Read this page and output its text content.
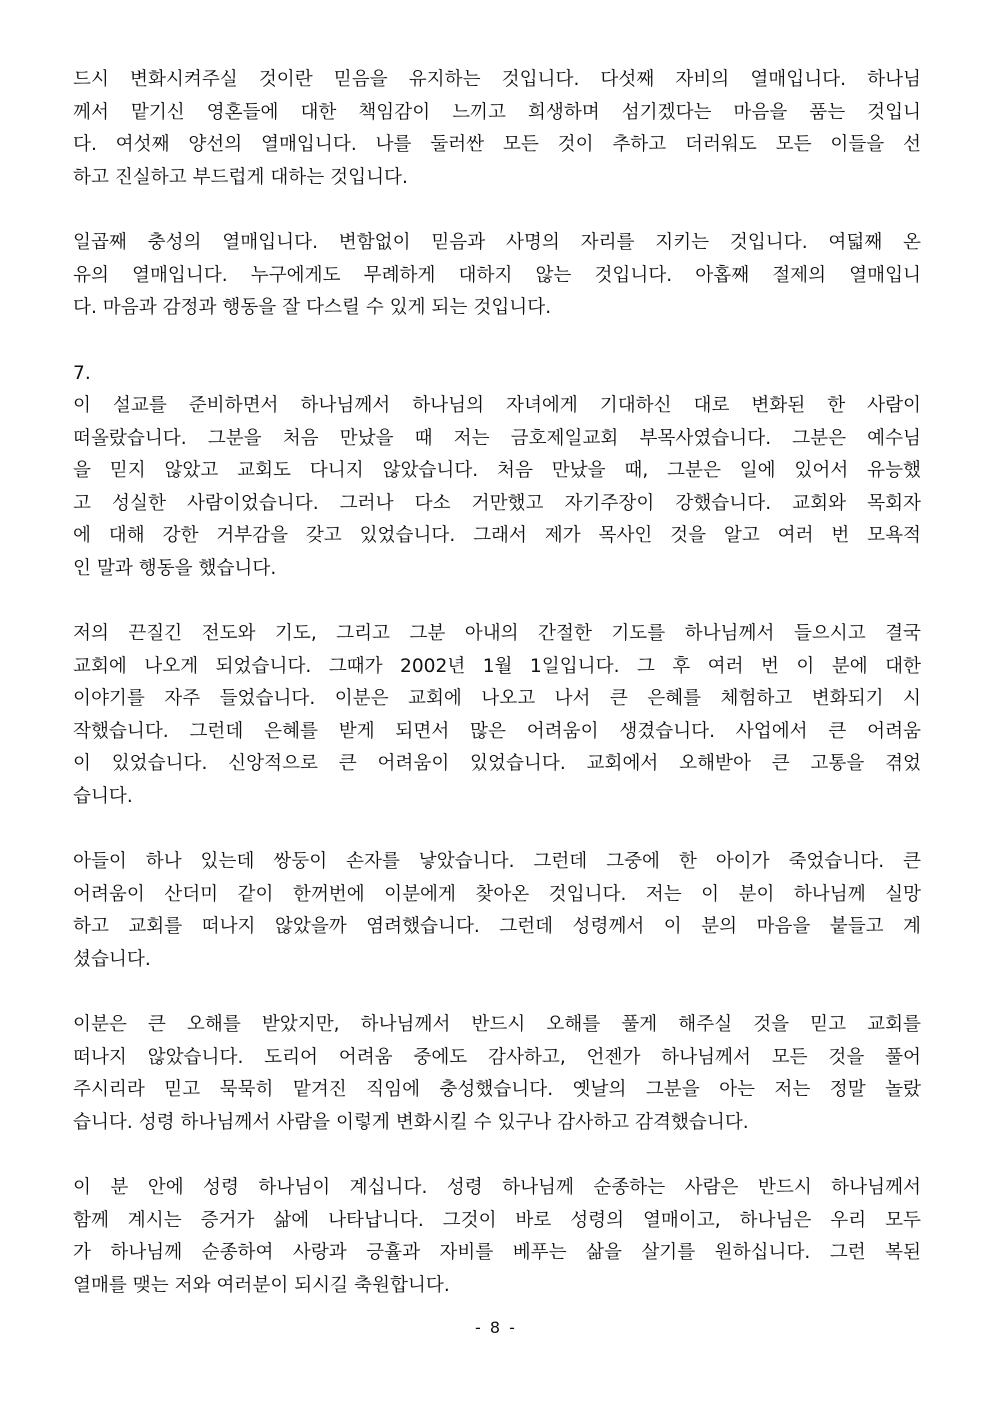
드시 변화시켜주실 것이란 믿음을 유지하는 것입니다. 다섯째 자비의 열매입니다. 하나님
께서 맡기신 영혼들에 대한 책임감이 느끼고 희생하며 섬기겠다는 마음을 품는 것입니
다. 여섯째 양선의 열매입니다. 나를 둘러싼 모든 것이 추하고 더러워도 모든 이들을 선
하고 진실하고 부드럽게 대하는 것입니다.
일곱째 충성의 열매입니다. 변함없이 믿음과 사명의 자리를 지키는 것입니다. 여덟째 온
유의 열매입니다. 누구에게도 무례하게 대하지 않는 것입니다. 아홉째 절제의 열매입니
다. 마음과 감정과 행동을 잘 다스릴 수 있게 되는 것입니다.
7.
이 설교를 준비하면서 하나님께서 하나님의 자녀에게 기대하신 대로 변화된 한 사람이
떠올랐습니다. 그분을 처음 만났을 때 저는 금호제일교회 부목사였습니다. 그분은 예수님
을 믿지 않았고 교회도 다니지 않았습니다. 처음 만났을 때, 그분은 일에 있어서 유능했
고 성실한 사람이었습니다. 그러나 다소 거만했고 자기주장이 강했습니다. 교회와 목회자
에 대해 강한 거부감을 갖고 있었습니다. 그래서 제가 목사인 것을 알고 여러 번 모욕적
인 말과 행동을 했습니다.
저의 끈질긴 전도와 기도, 그리고 그분 아내의 간절한 기도를 하나님께서 들으시고 결국
교회에 나오게 되었습니다. 그때가 2002년 1월 1일입니다. 그 후 여러 번 이 분에 대한
이야기를 자주 들었습니다. 이분은 교회에 나오고 나서 큰 은혜를 체험하고 변화되기 시
작했습니다. 그런데 은혜를 받게 되면서 많은 어려움이 생겼습니다. 사업에서 큰 어려움
이 있었습니다. 신앙적으로 큰 어려움이 있었습니다. 교회에서 오해받아 큰 고통을 겪었
습니다.
아들이 하나 있는데 쌍둥이 손자를 낳았습니다. 그런데 그중에 한 아이가 죽었습니다. 큰
어려움이 산더미 같이 한꺼번에 이분에게 찾아온 것입니다. 저는 이 분이 하나님께 실망
하고 교회를 떠나지 않았을까 염려했습니다. 그런데 성령께서 이 분의 마음을 붙들고 계
셨습니다.
이분은 큰 오해를 받았지만, 하나님께서 반드시 오해를 풀게 해주실 것을 믿고 교회를
떠나지 않았습니다. 도리어 어려움 중에도 감사하고, 언젠가 하나님께서 모든 것을 풀어
주시리라 믿고 묵묵히 맡겨진 직임에 충성했습니다. 옛날의 그분을 아는 저는 정말 놀랐
습니다. 성령 하나님께서 사람을 이렇게 변화시킬 수 있구나 감사하고 감격했습니다.
이 분 안에 성령 하나님이 계십니다. 성령 하나님께 순종하는 사람은 반드시 하나님께서
함께 계시는 증거가 삶에 나타납니다. 그것이 바로 성령의 열매이고, 하나님은 우리 모두
가 하나님께 순종하여 사랑과 긍휼과 자비를 베푸는 삶을 살기를 원하십니다. 그런 복된
열매를 맺는 저와 여러분이 되시길 축원합니다.
- 8 -
